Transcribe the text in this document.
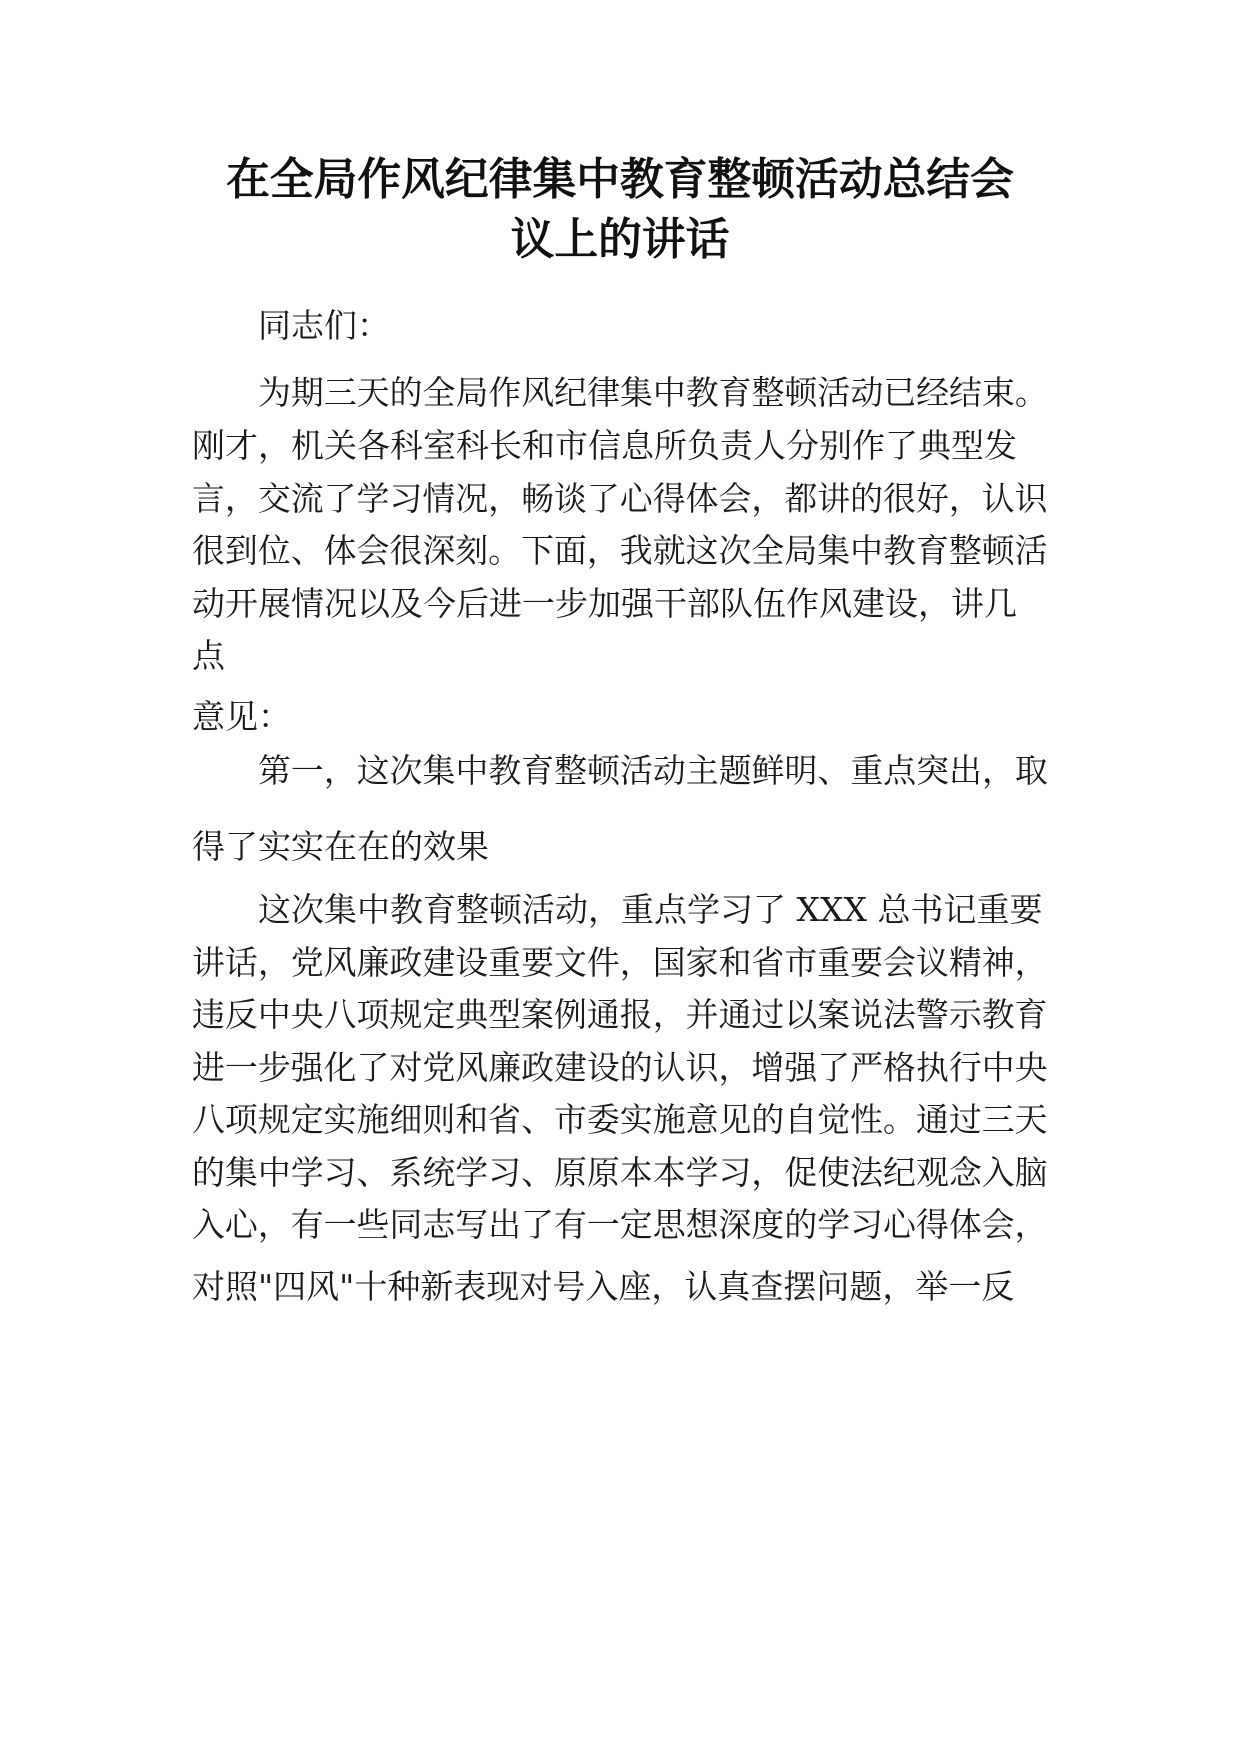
在全局作风纪律集中教育整顿活动总结会
议上的讲话
同志们：
为期三天的全局作风纪律集中教育整顿活动已经结束。
刚才，机关各科室科长和市信息所负责人分别作了典型发
言，交流了学习情况，畅谈了心得体会，都讲的很好，认识
很到位、体会很深刻。下面，我就这次全局集中教育整顿活
动开展情况以及今后进一步加强干部队伍作风建设，讲几
点
意见：
第一，这次集中教育整顿活动主题鲜明、重点突出，取
得了实实在在的效果
这次集中教育整顿活动，重点学习了 XXX 总书记重要
讲话，党风廉政建设重要文件，国家和省市重要会议精神，
违反中央八项规定典型案例通报，并通过以案说法警示教育
进一步强化了对党风廉政建设的认识，增强了严格执行中央
八项规定实施细则和省、市委实施意见的自觉性。通过三天
的集中学习、系统学习、原原本本学习，促使法纪观念入脑
入心，有一些同志写出了有一定思想深度的学习心得体会，
对照"四风"十种新表现对号入座，认真查摆问题，举一反
